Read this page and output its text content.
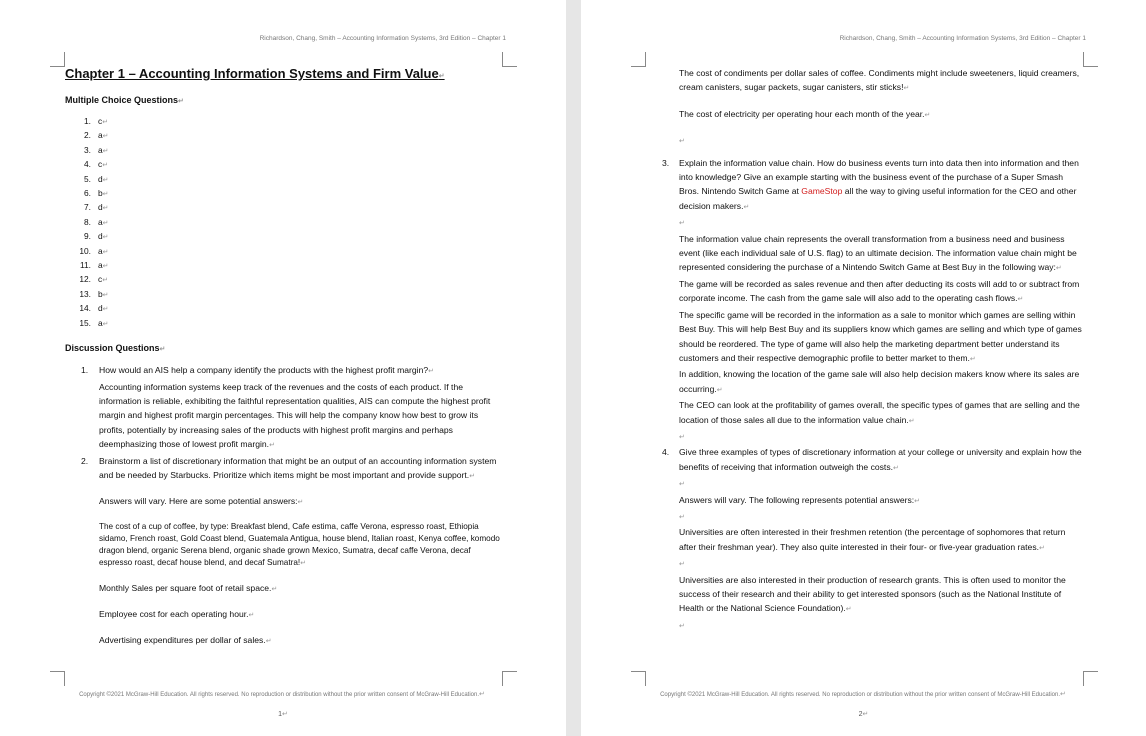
Richardson, Chang, Smith – Accounting Information Systems, 3rd Edition – Chapter 1
Chapter 1 – Accounting Information Systems and Firm Value↵
Multiple Choice Questions↵
1. c↵
2. a↵
3. a↵
4. c↵
5. d↵
6. b↵
7. d↵
8. a↵
9. d↵
10. a↵
11. a↵
12. c↵
13. b↵
14. d↵
15. a↵
Discussion Questions↵
1. How would an AIS help a company identify the products with the highest profit margin?↵

Accounting information systems keep track of the revenues and the costs of each product. If the information is reliable, exhibiting the faithful representation qualities, AIS can compute the highest profit margin and highest profit margin percentages. This will help the company know how best to grow its profits, potentially by increasing sales of the products with highest profit margins and perhaps deemphasizing those of lowest profit margin.↵

2. Brainstorm a list of discretionary information that might be an output of an accounting information system and be needed by Starbucks. Prioritize which items might be most important and provide support.↵

Answers will vary. Here are some potential answers:↵

The cost of a cup of coffee, by type: Breakfast blend, Cafe estima, caffe Verona, espresso roast, Ethiopia sidamo, French roast, Gold Coast blend, Guatemala Antigua, house blend, Italian roast, Kenya coffee, komodo dragon blend, organic Serena blend, organic shade grown Mexico, Sumatra, decaf caffe Verona, decaf espresso roast, decaf house blend, and decaf Sumatra!↵

Monthly Sales per square foot of retail space.↵

Employee cost for each operating hour.↵

Advertising expenditures per dollar of sales.↵

Copyright ©2021 McGraw-Hill Education. All rights reserved. No reproduction or distribution without the prior written consent of McGraw-Hill Education.↵
1↵
Richardson, Chang, Smith – Accounting Information Systems, 3rd Edition – Chapter 1

The cost of condiments per dollar sales of coffee. Condiments might include sweeteners, liquid creamers, cream canisters, sugar packets, sugar canisters, stir sticks!↵

The cost of electricity per operating hour each month of the year.↵

↵

3. Explain the information value chain. How do business events turn into data then into information and then into knowledge? Give an example starting with the business event of the purchase of a Super Smash Bros. Nintendo Switch Game at GameStop all the way to giving useful information for the CEO and other decision makers.↵

↵

The information value chain represents the overall transformation from a business need and business event (like each individual sale of U.S. flag) to an ultimate decision. The information value chain might be represented considering the purchase of a Nintendo Switch Game at Best Buy in the following way:↵

The game will be recorded as sales revenue and then after deducting its costs will add to or subtract from corporate income. The cash from the game sale will also add to the operating cash flows.↵

The specific game will be recorded in the information as a sale to monitor which games are selling within Best Buy. This will help Best Buy and its suppliers know which games are selling and which type of games should be reordered. The type of game will also help the marketing department better understand its customers and their respective demographic profile to better market to them.↵

In addition, knowing the location of the game sale will also help decision makers know where its sales are occurring.↵

The CEO can look at the profitability of games overall, the specific types of games that are selling and the location of those sales all due to the information value chain.↵

↵

4. Give three examples of types of discretionary information at your college or university and explain how the benefits of receiving that information outweigh the costs.↵

↵

Answers will vary. The following represents potential answers:↵

↵

Universities are often interested in their freshmen retention (the percentage of sophomores that return after their freshman year). They also quite interested in their four- or five-year graduation rates.↵

↵

Universities are also interested in their production of research grants. This is often used to monitor the success of their research and their ability to get interested sponsors (such as the National Institute of Health or the National Science Foundation).↵

↵

Copyright ©2021 McGraw-Hill Education. All rights reserved. No reproduction or distribution without the prior written consent of McGraw-Hill Education.↵
2↵
